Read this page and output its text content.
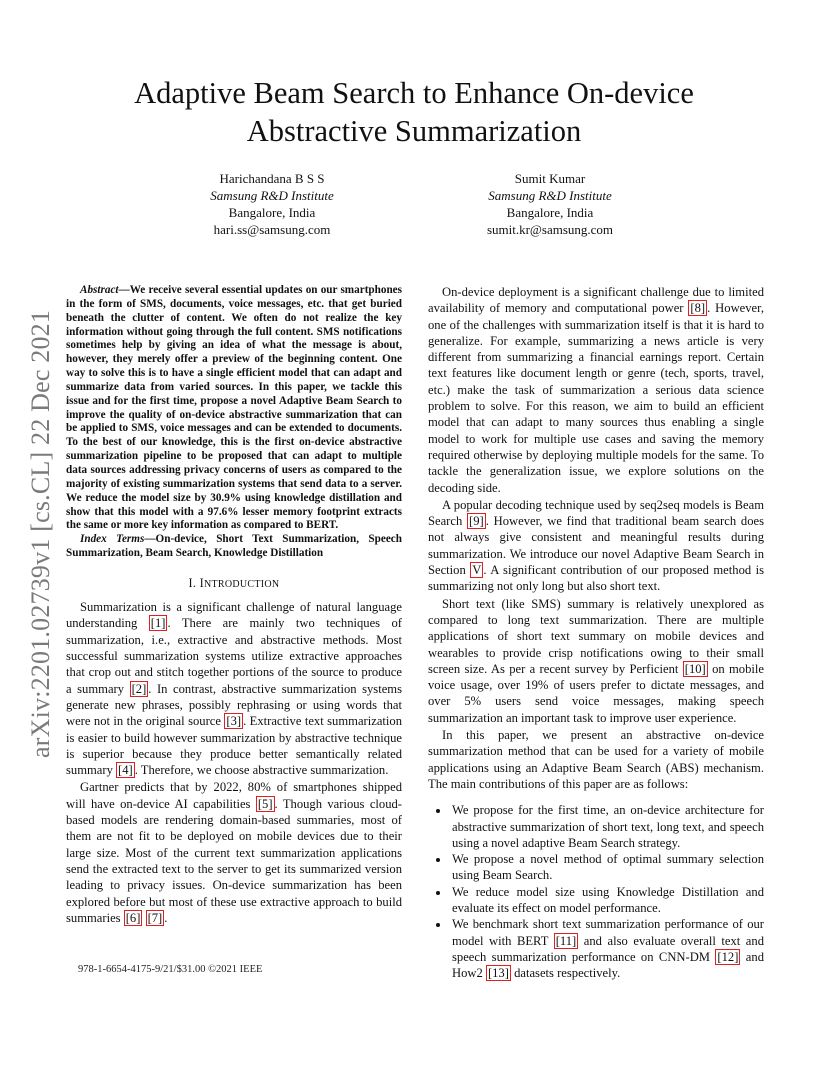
arXiv:2201.02739v1 [cs.CL] 22 Dec 2021
Adaptive Beam Search to Enhance On-device Abstractive Summarization
Harichandana B S S
Samsung R&D Institute
Bangalore, India
hari.ss@samsung.com
Sumit Kumar
Samsung R&D Institute
Bangalore, India
sumit.kr@samsung.com

Abstract—We receive several essential updates on our smartphones in the form of SMS, documents, voice messages, etc. that get buried beneath the clutter of content. We often do not realize the key information without going through the full content. SMS notifications sometimes help by giving an idea of what the message is about, however, they merely offer a preview of the beginning content. One way to solve this is to have a single efficient model that can adapt and summarize data from varied sources. In this paper, we tackle this issue and for the first time, propose a novel Adaptive Beam Search to improve the quality of on-device abstractive summarization that can be applied to SMS, voice messages and can be extended to documents. To the best of our knowledge, this is the first on-device abstractive summarization pipeline to be proposed that can adapt to multiple data sources addressing privacy concerns of users as compared to the majority of existing summarization systems that send data to a server. We reduce the model size by 30.9% using knowledge distillation and show that this model with a 97.6% lesser memory footprint extracts the same or more key information as compared to BERT.

Index Terms—On-device, Short Text Summarization, Speech Summarization, Beam Search, Knowledge Distillation

I. INTRODUCTION

Summarization is a significant challenge of natural language understanding [1] . There are mainly two techniques of summarization, i.e., extractive and abstractive methods. Most successful summarization systems utilize extractive approaches that crop out and stitch together portions of the source to produce a summary [2] . In contrast, abstractive summarization systems generate new phrases, possibly rephrasing or using words that were not in the original source [3] . Extractive text summarization is easier to build however summarization by abstractive technique is superior because they produce better semantically related summary [4] . Therefore, we choose abstractive summarization.

Gartner predicts that by 2022, 80% of smartphones shipped will have on-device AI capabilities [5] . Though various cloud-based models are rendering domain-based summaries, most of them are not fit to be deployed on mobile devices due to their large size. Most of the current text summarization applications send the extracted text to the server to get its summarized version leading to privacy issues. On-device summarization has been explored before but most of these use extractive approach to build summaries [6] [7] .

On-device deployment is a significant challenge due to limited availability of memory and computational power [8] . However, one of the challenges with summarization itself is that it is hard to generalize. For example, summarizing a news article is very different from summarizing a financial earnings report. Certain text features like document length or genre (tech, sports, travel, etc.) make the task of summarization a serious data science problem to solve. For this reason, we aim to build an efficient model that can adapt to many sources thus enabling a single model to work for multiple use cases and saving the memory required otherwise by deploying multiple models for the same. To tackle the generalization issue, we explore solutions on the decoding side.

A popular decoding technique used by seq2seq models is Beam Search [9] . However, we find that traditional beam search does not always give consistent and meaningful results during summarization. We introduce our novel Adaptive Beam Search in Section V . A significant contribution of our proposed method is summarizing not only long but also short text.

Short text (like SMS) summary is relatively unexplored as compared to long text summarization. There are multiple applications of short text summary on mobile devices and wearables to provide crisp notifications owing to their small screen size. As per a recent survey by Perficient [10] on mobile voice usage, over 19% of users prefer to dictate messages, and over 5% users send voice messages, making speech summarization an important task to improve user experience.

In this paper, we present an abstractive on-device summarization method that can be used for a variety of mobile applications using an Adaptive Beam Search (ABS) mechanism. The main contributions of this paper are as follows:

• We propose for the first time, an on-device architecture for abstractive summarization of short text, long text, and speech using a novel adaptive Beam Search strategy.
• We propose a novel method of optimal summary selection using Beam Search.
• We reduce model size using Knowledge Distillation and evaluate its effect on model performance.
• We benchmark short text summarization performance of our model with BERT [11] and also evaluate overall text and speech summarization performance on CNN-DM [12] and How2 [13] datasets respectively.
978-1-6654-4175-9/21/$31.00 ©2021 IEEE
